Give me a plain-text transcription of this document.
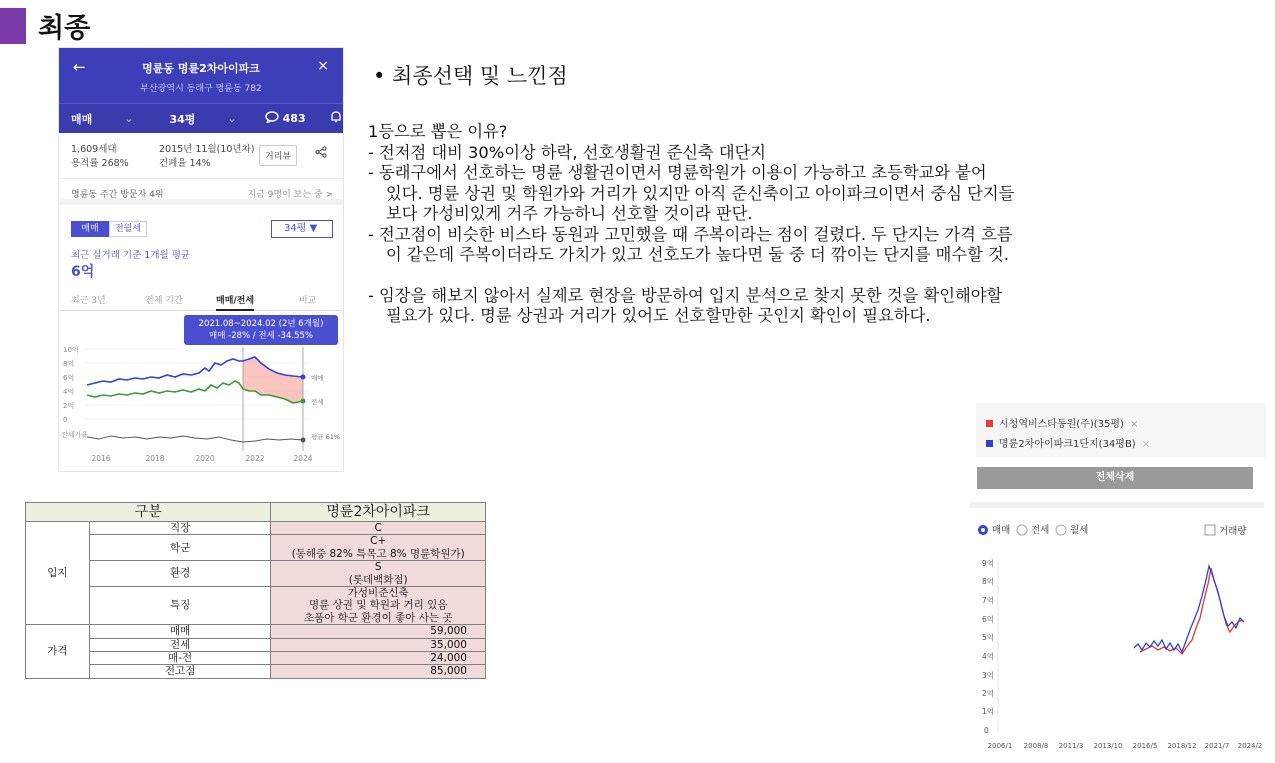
최종
←	명륜동 명륜2차아이파크
부산광역시 동래구 명륜동 782
×
매매	⌄	34평	⌄	483
1,609세대
용적률 268%
2015년 11월(10년차)
건폐율 14%
거리뷰
명륜동 주간 방문자 4위	지금 9명이 보는 중 >
매매	전월세	34평 ▼
최근 실거래 기준 1개월 평균
6억
최근 3년	전체 기간	매매/전세	비교
2021.08~2024.02 (2년 6개월)
매매 -28% / 전세 -34.55%
10억
8억
6억
4억
2억
0
전세가율
매매
전세
평균 61%
2016	2018	2020	2022	2024
• 최종선택 및 느낀점

1등으로 뽑은 이유?

- 전저점 대비 30%이상 하락, 선호생활권 준신축 대단지

- 동래구에서 선호하는 명륜 생활권이면서 명륜학원가 이용이 가능하고 초등학교와 붙어

있다. 명륜 상권 및 학원가와 거리가 있지만 아직 준신축이고 아이파크이면서 중심 단지들

보다 가성비있게 거주 가능하니 선호할 것이라 판단.

- 전고점이 비슷한 비스타 동원과 고민했을 때 주복이라는 점이 걸렸다. 두 단지는 가격 흐름

이 같은데 주복이더라도 가치가 있고 선호도가 높다면 둘 중 더 깎이는 단지를 매수할 것.

- 임장을 해보지 않아서 실제로 현장을 방문하여 입지 분석으로 찾지 못한 것을 확인해야할

필요가 있다. 명륜 상권과 거리가 있어도 선호할만한 곳인지 확인이 필요하다.

구분		명륜2차아이파크
입지	직장	C
	학군	C+
(동해중 82% 특목고 8% 명륜학원가)

	환경	S
(롯데백화점)

	특징	가성비준신축
명륜 상권 및 학원과 거리 있음
초품아 학군 환경이 좋아 사는 곳

가격	매매	59,000
	전세	35,000
	매-전	24,000
	전고점	85,000
시청역비스타동원(주)(35평) ×
명륜2차아이파크1단지(34평B) ×
전체삭제
매매 전세 월세	거래량
9억
8억
7억
6억
5억
4억
3억
2억
1억
0
2006/1 2008/8 2011/3 2013/10 2016/5 2018/12 2021/7 2024/2
